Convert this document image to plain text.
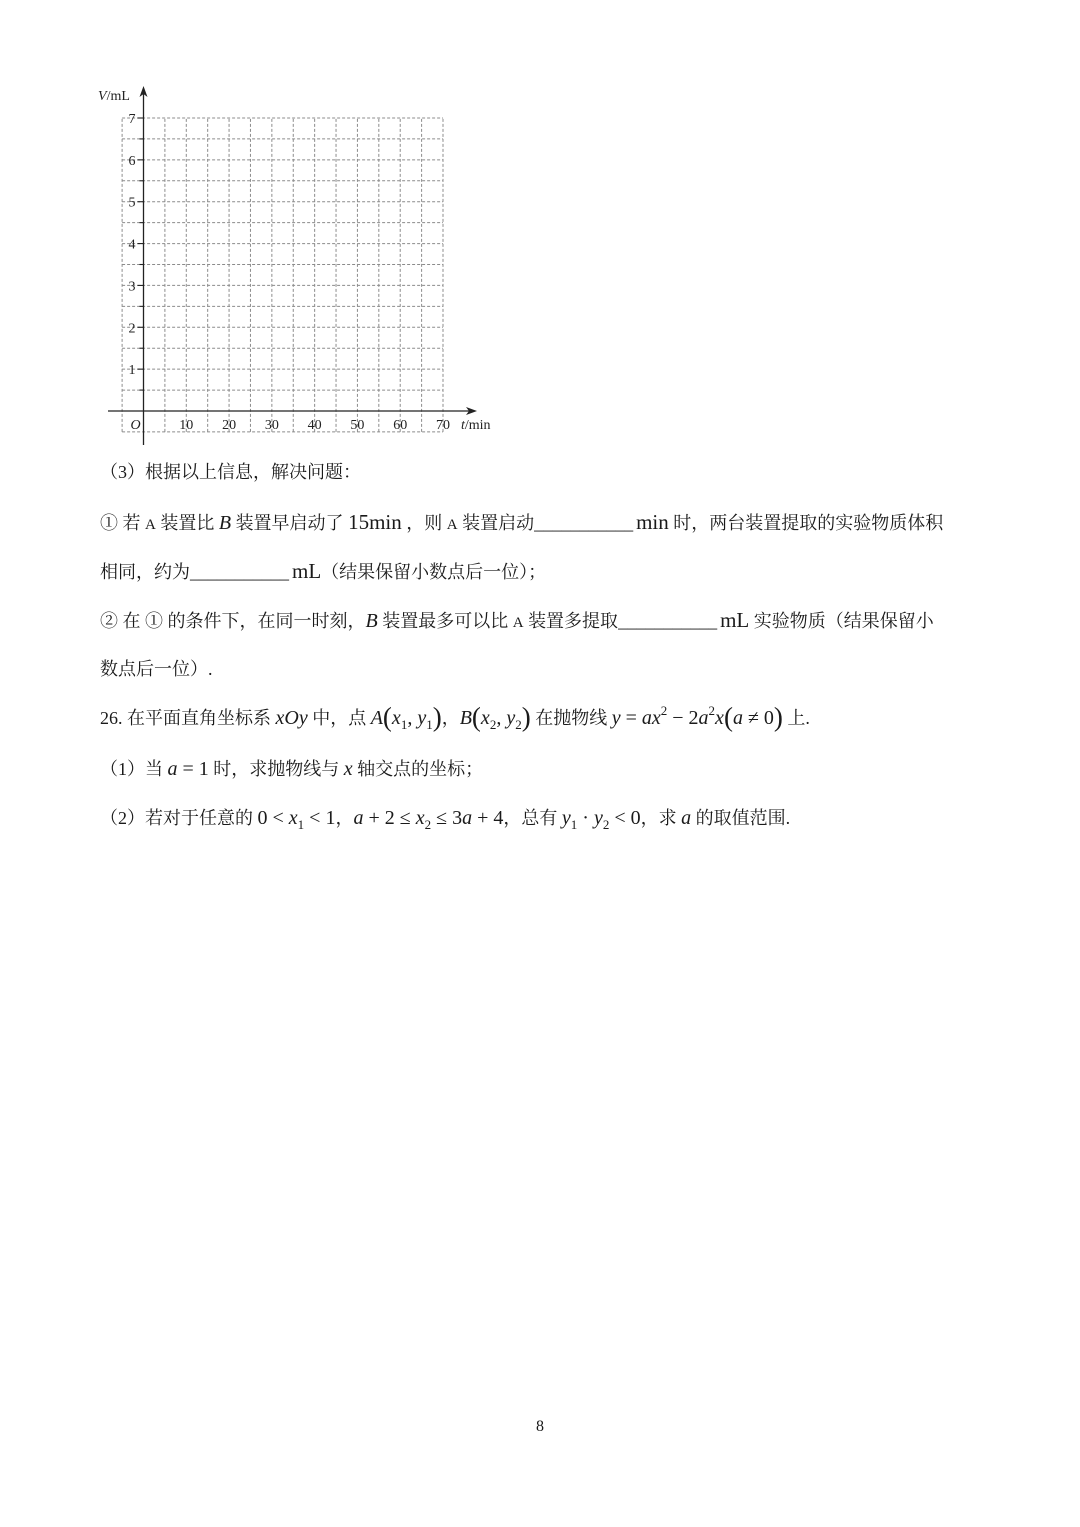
1
2
3
4
5
6
7
10 20 30 40 50 60 70
O
V/mL
t/min
（3）根据以上信息，解决问题：
① 若 A 装置比 B 装置早启动了 15min ，则 A 装置启动___________ min 时，两台装置提取的实验物质体积
相同，约为___________ mL（结果保留小数点后一位）；
② 在 ① 的条件下，在同一时刻，B 装置最多可以比 A 装置多提取___________ mL 实验物质（结果保留小
数点后一位）.
26. 在平面直角坐标系 xOy 中，点 $A(x_1$, $y_1$)，$B(x_2$, $y_2$) 在抛物线 $y = ax^2 - 2a^2x(a \ne 0)$ 上.
（1）当 a = 1 时，求抛物线与 x 轴交点的坐标；
（2）若对于任意的 $0 < x_1 < 1$，$a + 2 \le x_2 \le 3a + 4$，总有 $y_1 \cdot y_2 < 0$，求 a 的取值范围.
8
